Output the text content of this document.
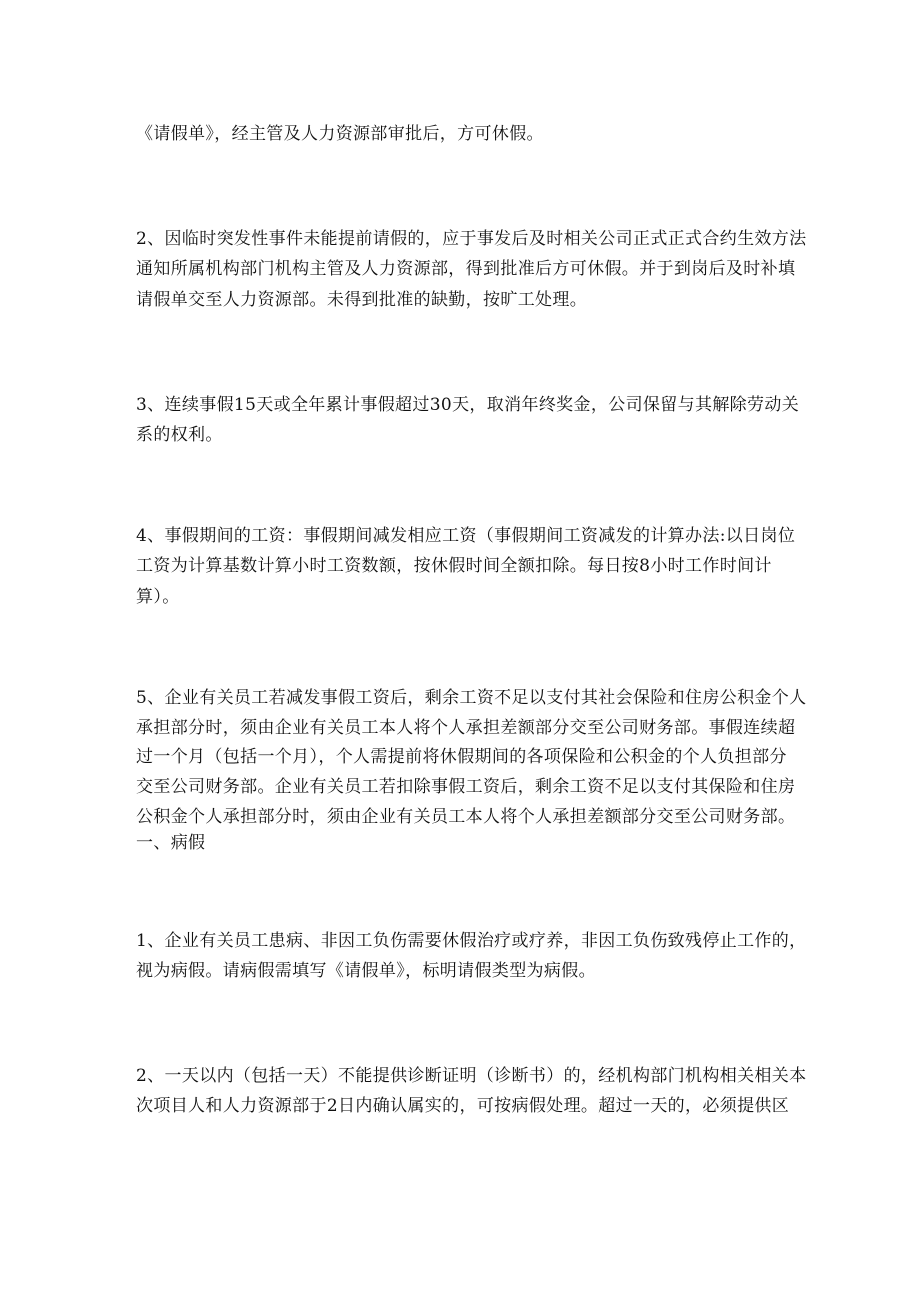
《请假单》，经主管及人力资源部审批后，方可休假。
2、因临时突发性事件未能提前请假的，应于事发后及时相关公司正式正式合约生效方法
通知所属机构部门机构主管及人力资源部，得到批准后方可休假。并于到岗后及时补填
请假单交至人力资源部。未得到批准的缺勤，按旷工处理。
3、连续事假15天或全年累计事假超过30天，取消年终奖金，公司保留与其解除劳动关
系的权利。
4、事假期间的工资：事假期间减发相应工资（事假期间工资减发的计算办法:以日岗位
工资为计算基数计算小时工资数额，按休假时间全额扣除。每日按8小时工作时间计
算）。
5、企业有关员工若减发事假工资后，剩余工资不足以支付其社会保险和住房公积金个人
承担部分时，须由企业有关员工本人将个人承担差额部分交至公司财务部。事假连续超
过一个月（包括一个月），个人需提前将休假期间的各项保险和公积金的个人负担部分
交至公司财务部。企业有关员工若扣除事假工资后，剩余工资不足以支付其保险和住房
公积金个人承担部分时，须由企业有关员工本人将个人承担差额部分交至公司财务部。
一、病假
1、企业有关员工患病、非因工负伤需要休假治疗或疗养，非因工负伤致残停止工作的，
视为病假。请病假需填写《请假单》，标明请假类型为病假。
2、一天以内（包括一天）不能提供诊断证明（诊断书）的，经机构部门机构相关相关本
次项目人和人力资源部于2日内确认属实的，可按病假处理。超过一天的，必须提供区
